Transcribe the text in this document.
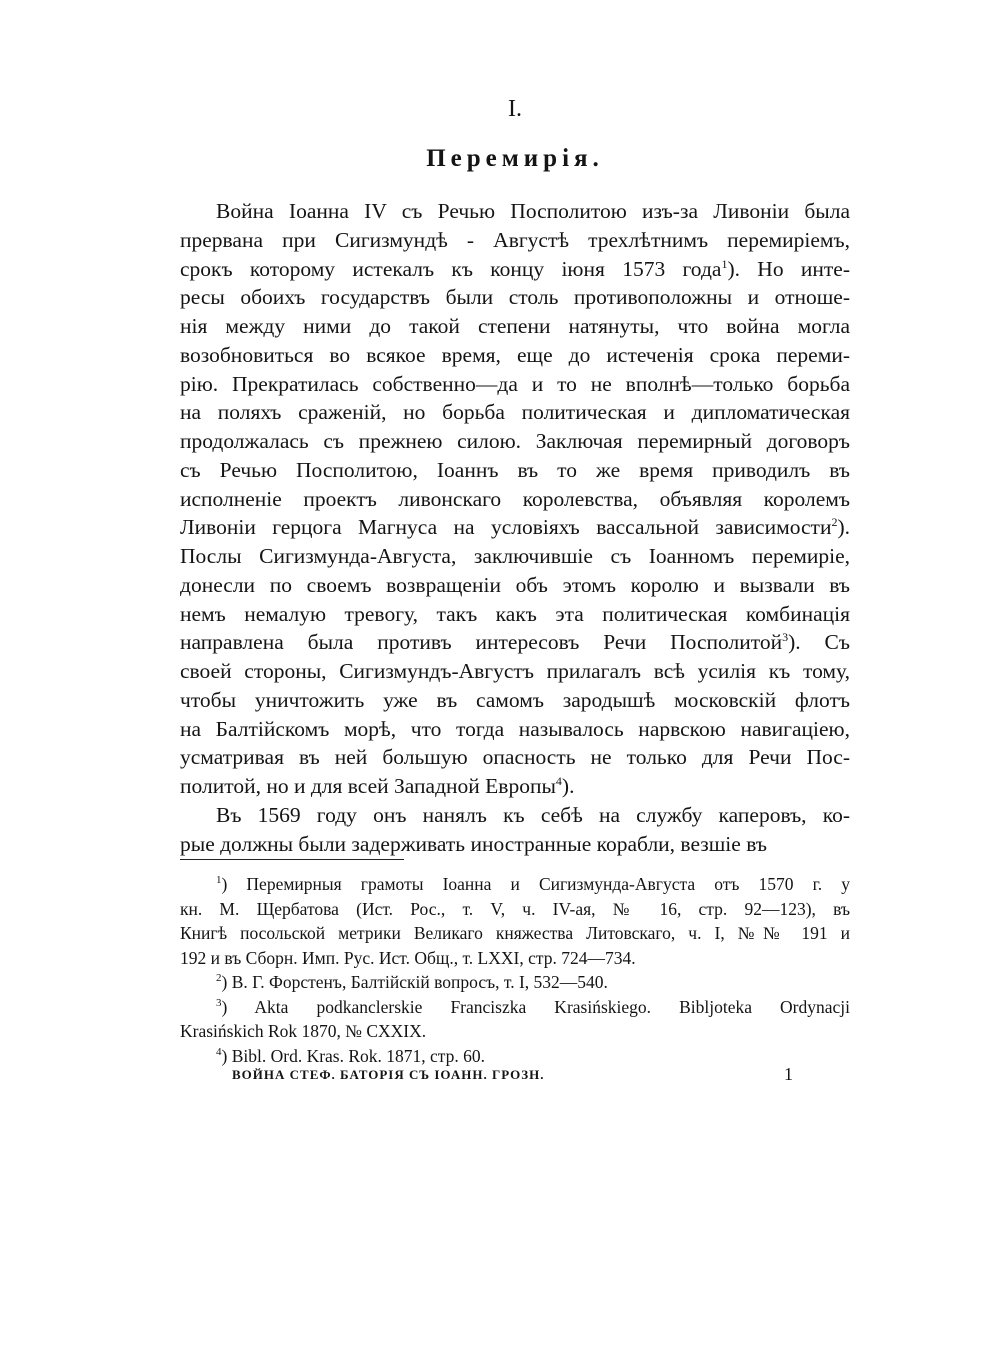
I.
Перемирія.
Война Іоанна IV съ Речью Посполитою изъ-за Ливоніи была
прервана при Сигизмундѣ - Августѣ трехлѣтнимъ перемиріемъ,
срокъ которому истекалъ къ концу іюня 1573 года$^1$). Но инте-
ресы обоихъ государствъ были столь противоположны и отноше-
нія между ними до такой степени натянуты, что война могла
возобновиться во всякое время, еще до истеченія срока переми-
рію. Прекратилась собственно—да и то не вполнѣ—только борьба
на поляхъ сраженій, но борьба политическая и дипломатическая
продолжалась съ прежнею силою. Заключая перемирный договоръ
съ Речью Посполитою, Іоаннъ въ то же время приводилъ въ
исполненіе проектъ ливонскаго королевства, объявляя королемъ
Ливоніи герцога Магнуса на условіяхъ вассальной зависимости$^2$).
Послы Сигизмунда-Августа, заключившіе съ Іоанномъ перемиріе,
донесли по своемъ возвращеніи объ этомъ королю и вызвали въ
немъ немалую тревогу, такъ какъ эта политическая комбинація
направлена была противъ интересовъ Речи Посполитой$^3$). Съ
своей стороны, Сигизмундъ-Августъ прилагалъ всѣ усилія къ тому,
чтобы уничтожить уже въ самомъ зародышѣ московскій флотъ
на Балтійскомъ морѣ, что тогда называлось нарвскою навигаціею,
усматривая въ ней большую опасность не только для Речи Пос-
политой, но и для всей Западной Европы$^4$).
Въ 1569 году онъ нанялъ къ себѣ на службу каперовъ, ко-
рые должны были задерживать иностранные корабли, везшіе въ
$^1$) Перемирныя грамоты Іоанна и Сигизмунда-Августа отъ 1570 г. у
кн. М. Щербатова (Ист. Рос., т. V, ч. IV-ая, № 16, стр. 92—123), въ
Книгѣ посольской метрики Великаго княжества Литовскаго, ч. I, №№ 191 и
192 и въ Сборн. Имп. Рус. Ист. Общ., т. LXXI, стр. 724—734.
$^2$) В. Г. Форстенъ, Балтійскій вопросъ, т. I, 532—540.
$^3$) Akta podkanclerskie Franciszka Krasińskiego. Bibljoteka Ordynacji
Krasińskich Rok 1870, № CXXIX.
$^4$) Bibl. Ord. Kras. Rok. 1871, стр. 60.
ВОЙНА СТЕФ. БАТОРІЯ СЪ ІОАНН. ГРОЗН.	1
